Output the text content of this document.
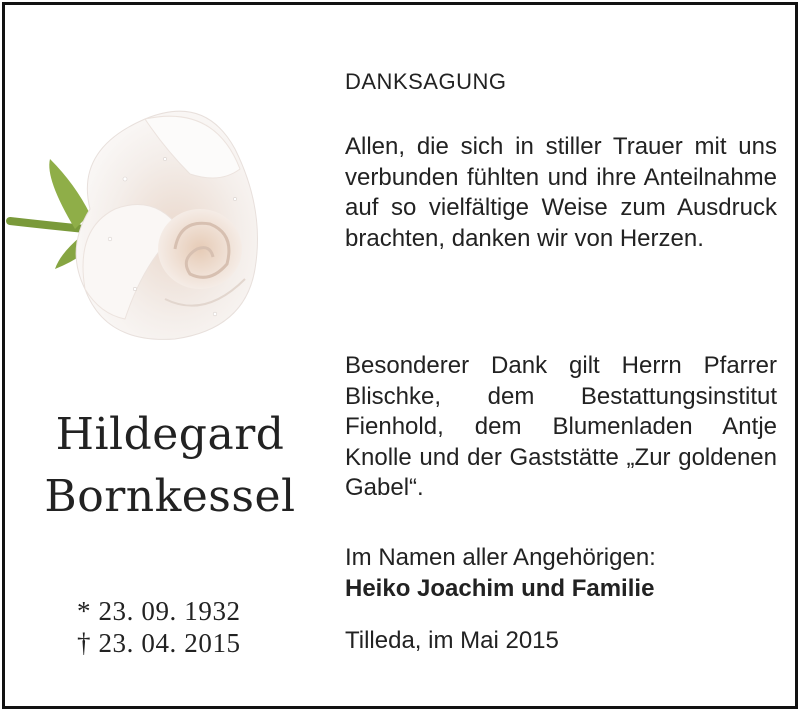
Hildegard
Bornkessel
* 23. 09. 1932
† 23. 04. 2015
DANKSAGUNG
Allen, die sich in stiller Trauer mit uns verbunden fühlten und ihre Anteilnahme auf so vielfältige Weise zum Ausdruck brachten, danken wir von Herzen.
Besonderer Dank gilt Herrn Pfarrer Blischke, dem Bestattungsinstitut Fienhold, dem Blumenladen Antje Knolle und der Gaststätte „Zur goldenen Gabel“.
Im Namen aller Angehörigen:
Heiko Joachim und Familie
Tilleda, im Mai 2015
